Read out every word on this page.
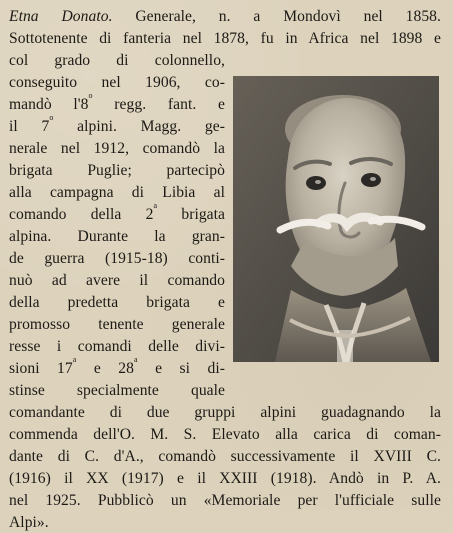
Etna Donato. Generale, n. a Mondovì nel 1858.
Sottotenente di fanteria nel 1878, fu in Africa nel 1898 e
col grado di colonnello,
conseguito nel 1906, co-
mandò l'8$^o$ regg. fant. e
il 7$^o$ alpini. Magg. ge-
nerale nel 1912, comandò la
brigata Puglie; partecipò
alla campagna di Libia al
comando della 2$^a$ brigata
alpina. Durante la gran-
de guerra (1915-18) conti-
nuò ad avere il comando
della predetta brigata e
promosso tenente generale
resse i comandi delle divi-
sioni 17$^a$ e 28$^a$ e si di-
stinse specialmente quale
comandante di due gruppi alpini guadagnando la
commenda dell'O. M. S. Elevato alla carica di coman-
dante di C. d'A., comandò successivamente il XVIII C.
(1916) il XX (1917) e il XXIII (1918). Andò in P. A.
nel 1925. Pubblicò un «Memoriale per l'ufficiale sulle
Alpi».
